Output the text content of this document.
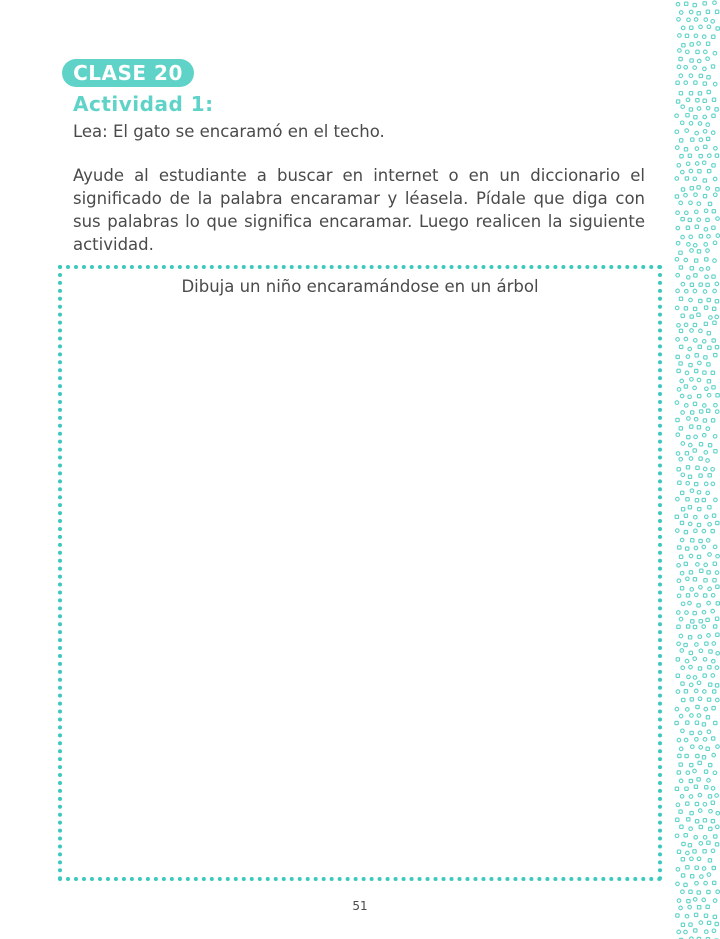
CLASE 20
Actividad 1:
Lea: El gato se encaramó en el techo.
Ayude al estudiante a buscar en internet o en un diccionario el significado de la palabra encaramar y léasela. Pídale que diga con sus palabras lo que significa encaramar. Luego realicen la siguiente actividad.
Dibuja un niño encaramándose en un árbol
51
